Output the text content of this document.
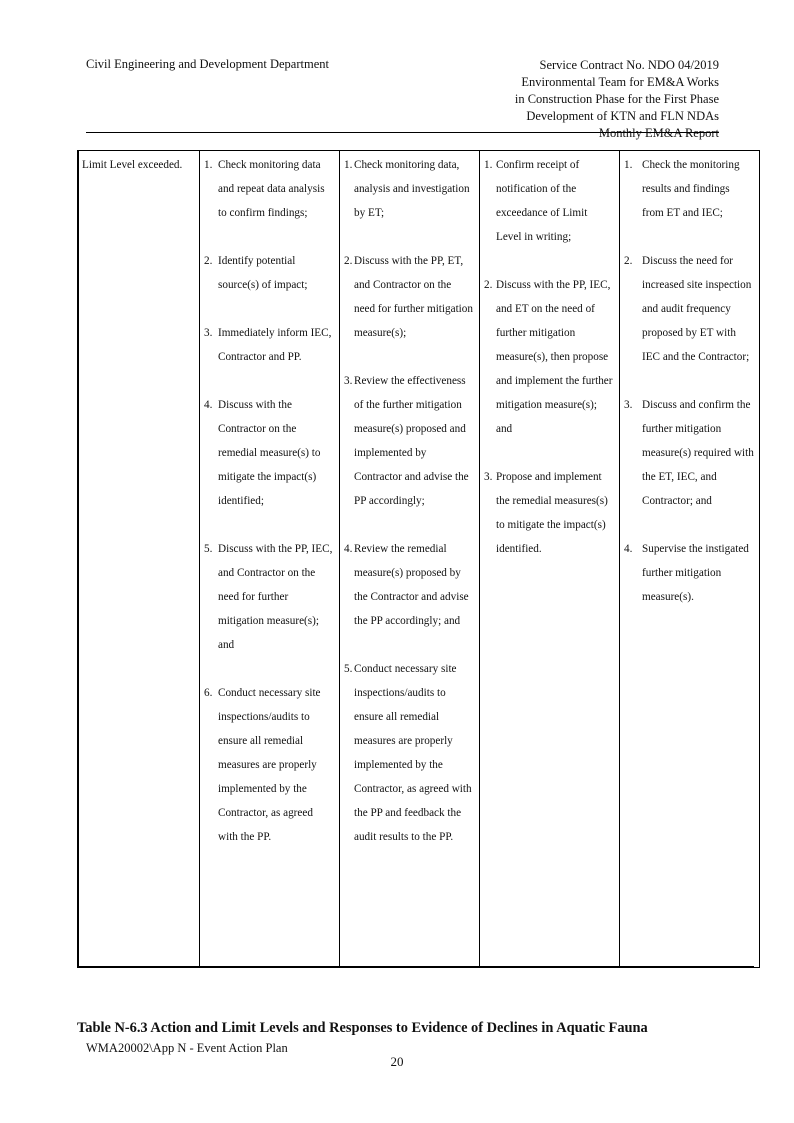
Civil Engineering and Development Department	Service Contract No. NDO 04/2019
Environmental Team for EM&A Works
in Construction Phase for the First Phase
Development of KTN and FLN NDAs
Monthly EM&A Report
Limit Level exceeded.	1. Check monitoring data and repeat data analysis to confirm findings;
2. Identify potential source(s) of impact;
3. Immediately inform IEC, Contractor and PP.
4. Discuss with the Contractor on the remedial measure(s) to mitigate the impact(s) identified;
5. Discuss with the PP, IEC, and Contractor on the need for further mitigation measure(s); and
6. Conduct necessary site inspections/audits to ensure all remedial measures are properly implemented by the Contractor, as agreed with the PP.

1. Check monitoring data, analysis and investigation by ET;
2. Discuss with the PP, ET, and Contractor on the need for further mitigation measure(s);
3. Review the effectiveness of the further mitigation measure(s) proposed and implemented by Contractor and advise the PP accordingly;
4. Review the remedial measure(s) proposed by the Contractor and advise the PP accordingly; and
5. Conduct necessary site inspections/audits to ensure all remedial measures are properly implemented by the Contractor, as agreed with the PP and feedback the audit results to the PP.

1. Confirm receipt of notification of the exceedance of Limit Level in writing;
2. Discuss with the PP, IEC, and ET on the need of further mitigation measure(s), then propose and implement the further mitigation measure(s); and
3. Propose and implement the remedial measures(s) to mitigate the impact(s) identified.

1. Check the monitoring results and findings from ET and IEC;
2. Discuss the need for increased site inspection and audit frequency proposed by ET with IEC and the Contractor;
3. Discuss and confirm the further mitigation measure(s) required with the ET, IEC, and Contractor; and
4. Supervise the instigated further mitigation measure(s).
Table N-6.3 Action and Limit Levels and Responses to Evidence of Declines in Aquatic Fauna
WMA20002\App N - Event Action Plan
20
